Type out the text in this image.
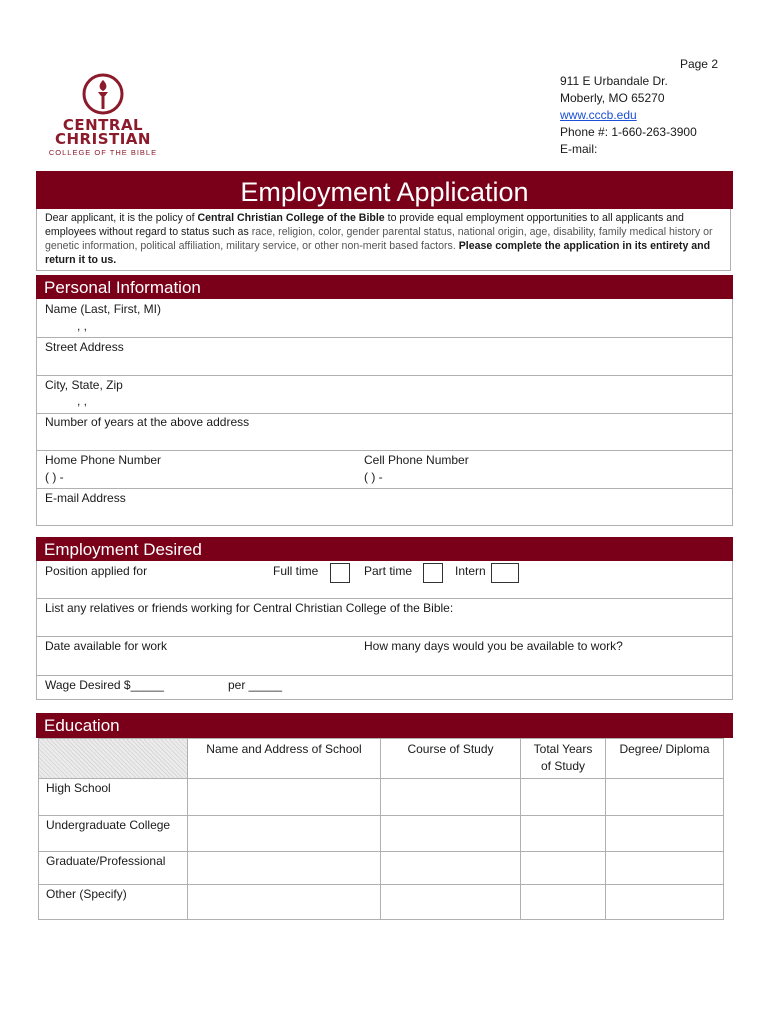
CENTRAL
CHRISTIAN
COLLEGE OF THE BIBLE
Page 2
911 E Urbandale Dr.
Moberly, MO 65270
www.cccb.edu
Phone #: 1-660-263-3900
E-mail:
Employment Application
Dear applicant, it is the policy of Central Christian College of the Bible to provide equal employment opportunities to all applicants and employees without regard to status such as race, religion, color, gender parental status, national origin, age, disability, family medical history or genetic information, political affiliation, military service, or other non-merit based factors. Please complete the application in its entirety and return it to us.
Personal Information
Name (Last, First, MI)
, ,
Street Address
City, State, Zip
, ,
Number of years at the above address
Home Phone Number
( ) -
Cell Phone Number
( ) -
E-mail Address
Employment Desired
Position applied for	Full time	Part time	Intern
List any relatives or friends working for Central Christian College of the Bible:
Date available for work	How many days would you be available to work?
Wage Desired $_____	per _____
Education
	Name and Address of School	Course of Study	Total Years of Study	Degree/ Diploma
High School				
Undergraduate College				
Graduate/Professional				
Other (Specify)				
